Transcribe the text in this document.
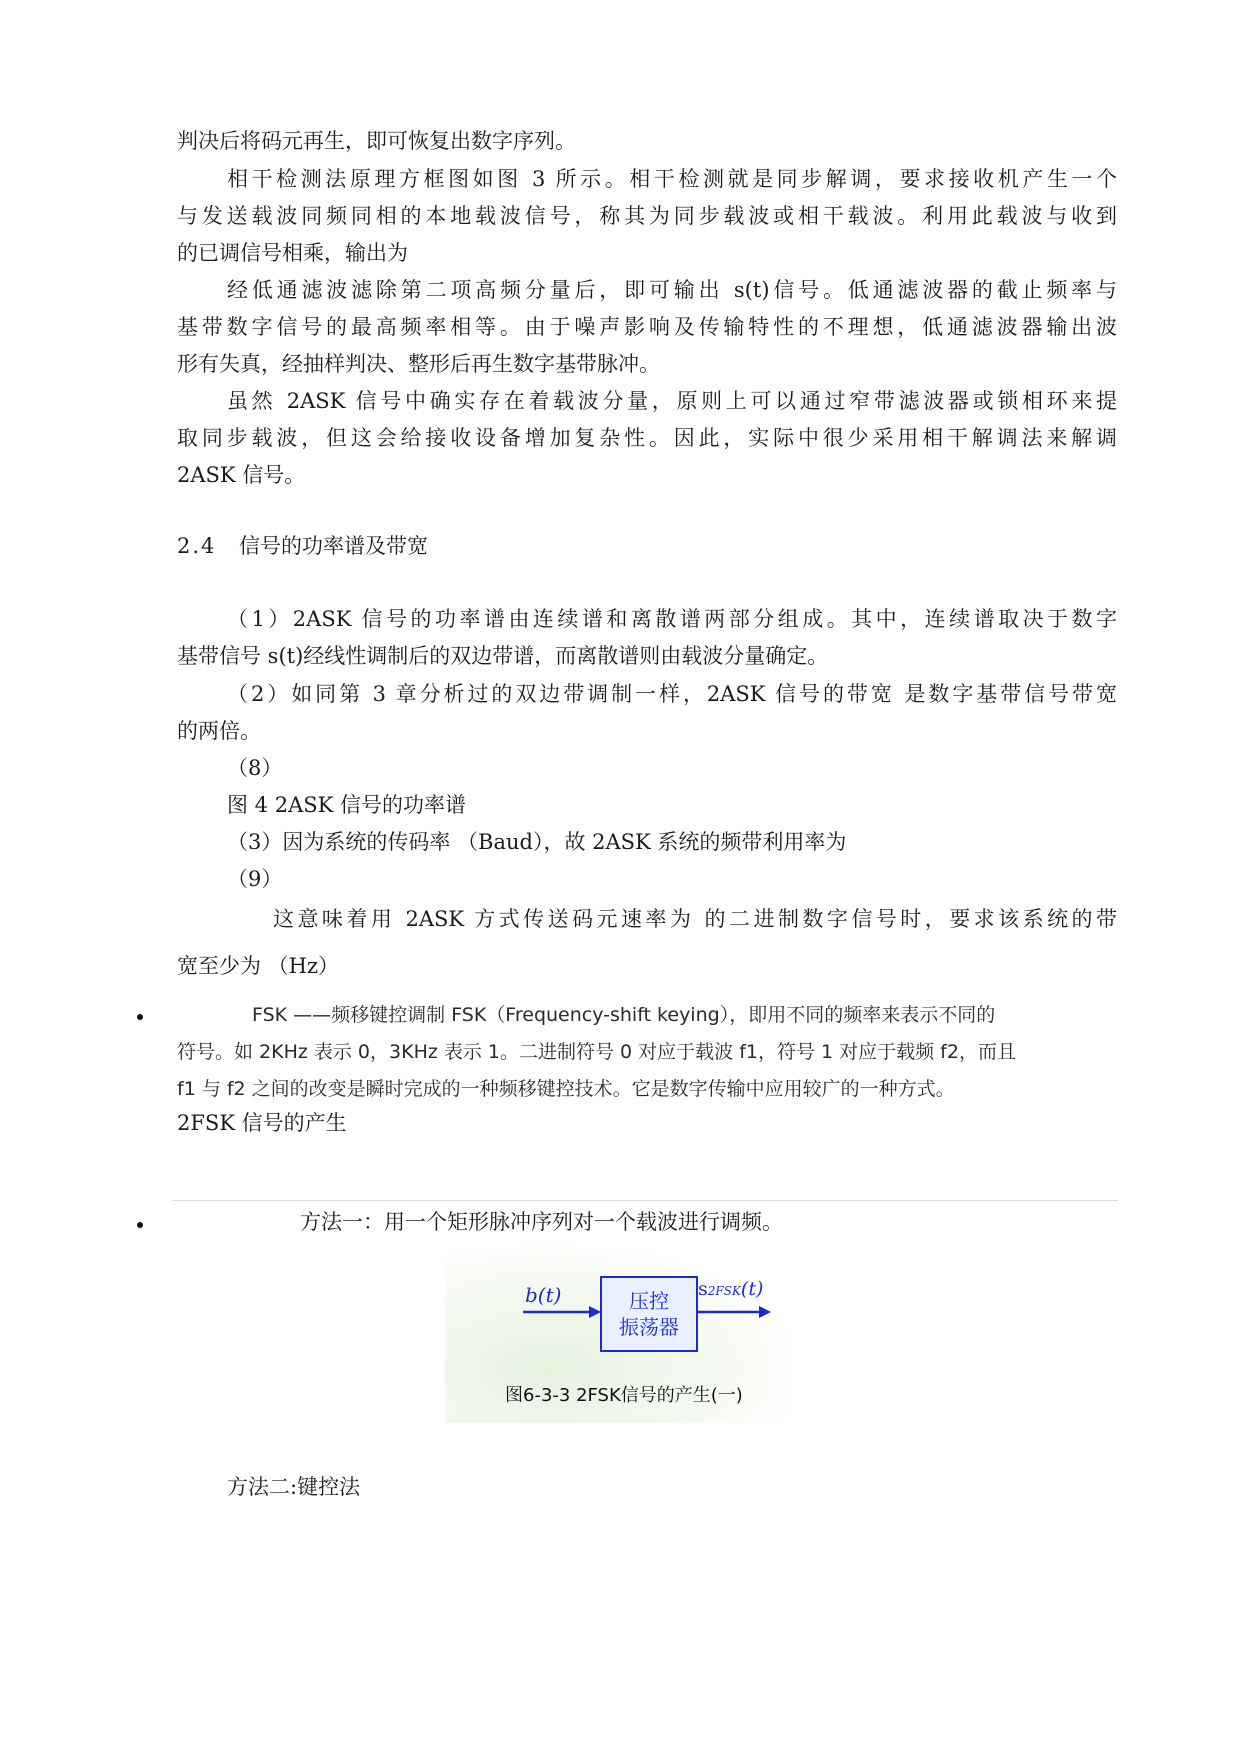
判决后将码元再生，即可恢复出数字序列。
相干检测法原理方框图如图 3 所示。相干检测就是同步解调，要求接收机产生一个
与发送载波同频同相的本地载波信号，称其为同步载波或相干载波。利用此载波与收到
的已调信号相乘，输出为
经低通滤波滤除第二项高频分量后，即可输出 s(t)信号。低通滤波器的截止频率与
基带数字信号的最高频率相等。由于噪声影响及传输特性的不理想，低通滤波器输出波
形有失真，经抽样判决、整形后再生数字基带脉冲。
虽然 2ASK 信号中确实存在着载波分量，原则上可以通过窄带滤波器或锁相环来提
取同步载波，但这会给接收设备增加复杂性。因此，实际中很少采用相干解调法来解调
2ASK 信号。
2.4 信号的功率谱及带宽
（1）2ASK 信号的功率谱由连续谱和离散谱两部分组成。其中，连续谱取决于数字
基带信号 s(t)经线性调制后的双边带谱，而离散谱则由载波分量确定。
（2）如同第 3 章分析过的双边带调制一样，2ASK 信号的带宽 是数字基带信号带宽
的两倍。
（8）
图 4 2ASK 信号的功率谱
（3）因为系统的传码率 （Baud），故 2ASK 系统的频带利用率为
（9）
这意味着用 2ASK 方式传送码元速率为 的二进制数字信号时，要求该系统的带
宽至少为 （Hz）
FSK ——频移键控调制 FSK（Frequency-shift keying），即用不同的频率来表示不同的
符号。如 2KHz 表示 0，3KHz 表示 1。二进制符号 0 对应于载波 f1，符号 1 对应于载频 f2，而且
f1 与 f2 之间的改变是瞬时完成的一种频移键控技术。它是数字传输中应用较广的一种方式。
2FSK 信号的产生
方法一：用一个矩形脉冲序列对一个载波进行调频。
b(t)	压控
振荡器
s2FSK(t)
图6-3-3 2FSK信号的产生(一)
方法二:键控法
